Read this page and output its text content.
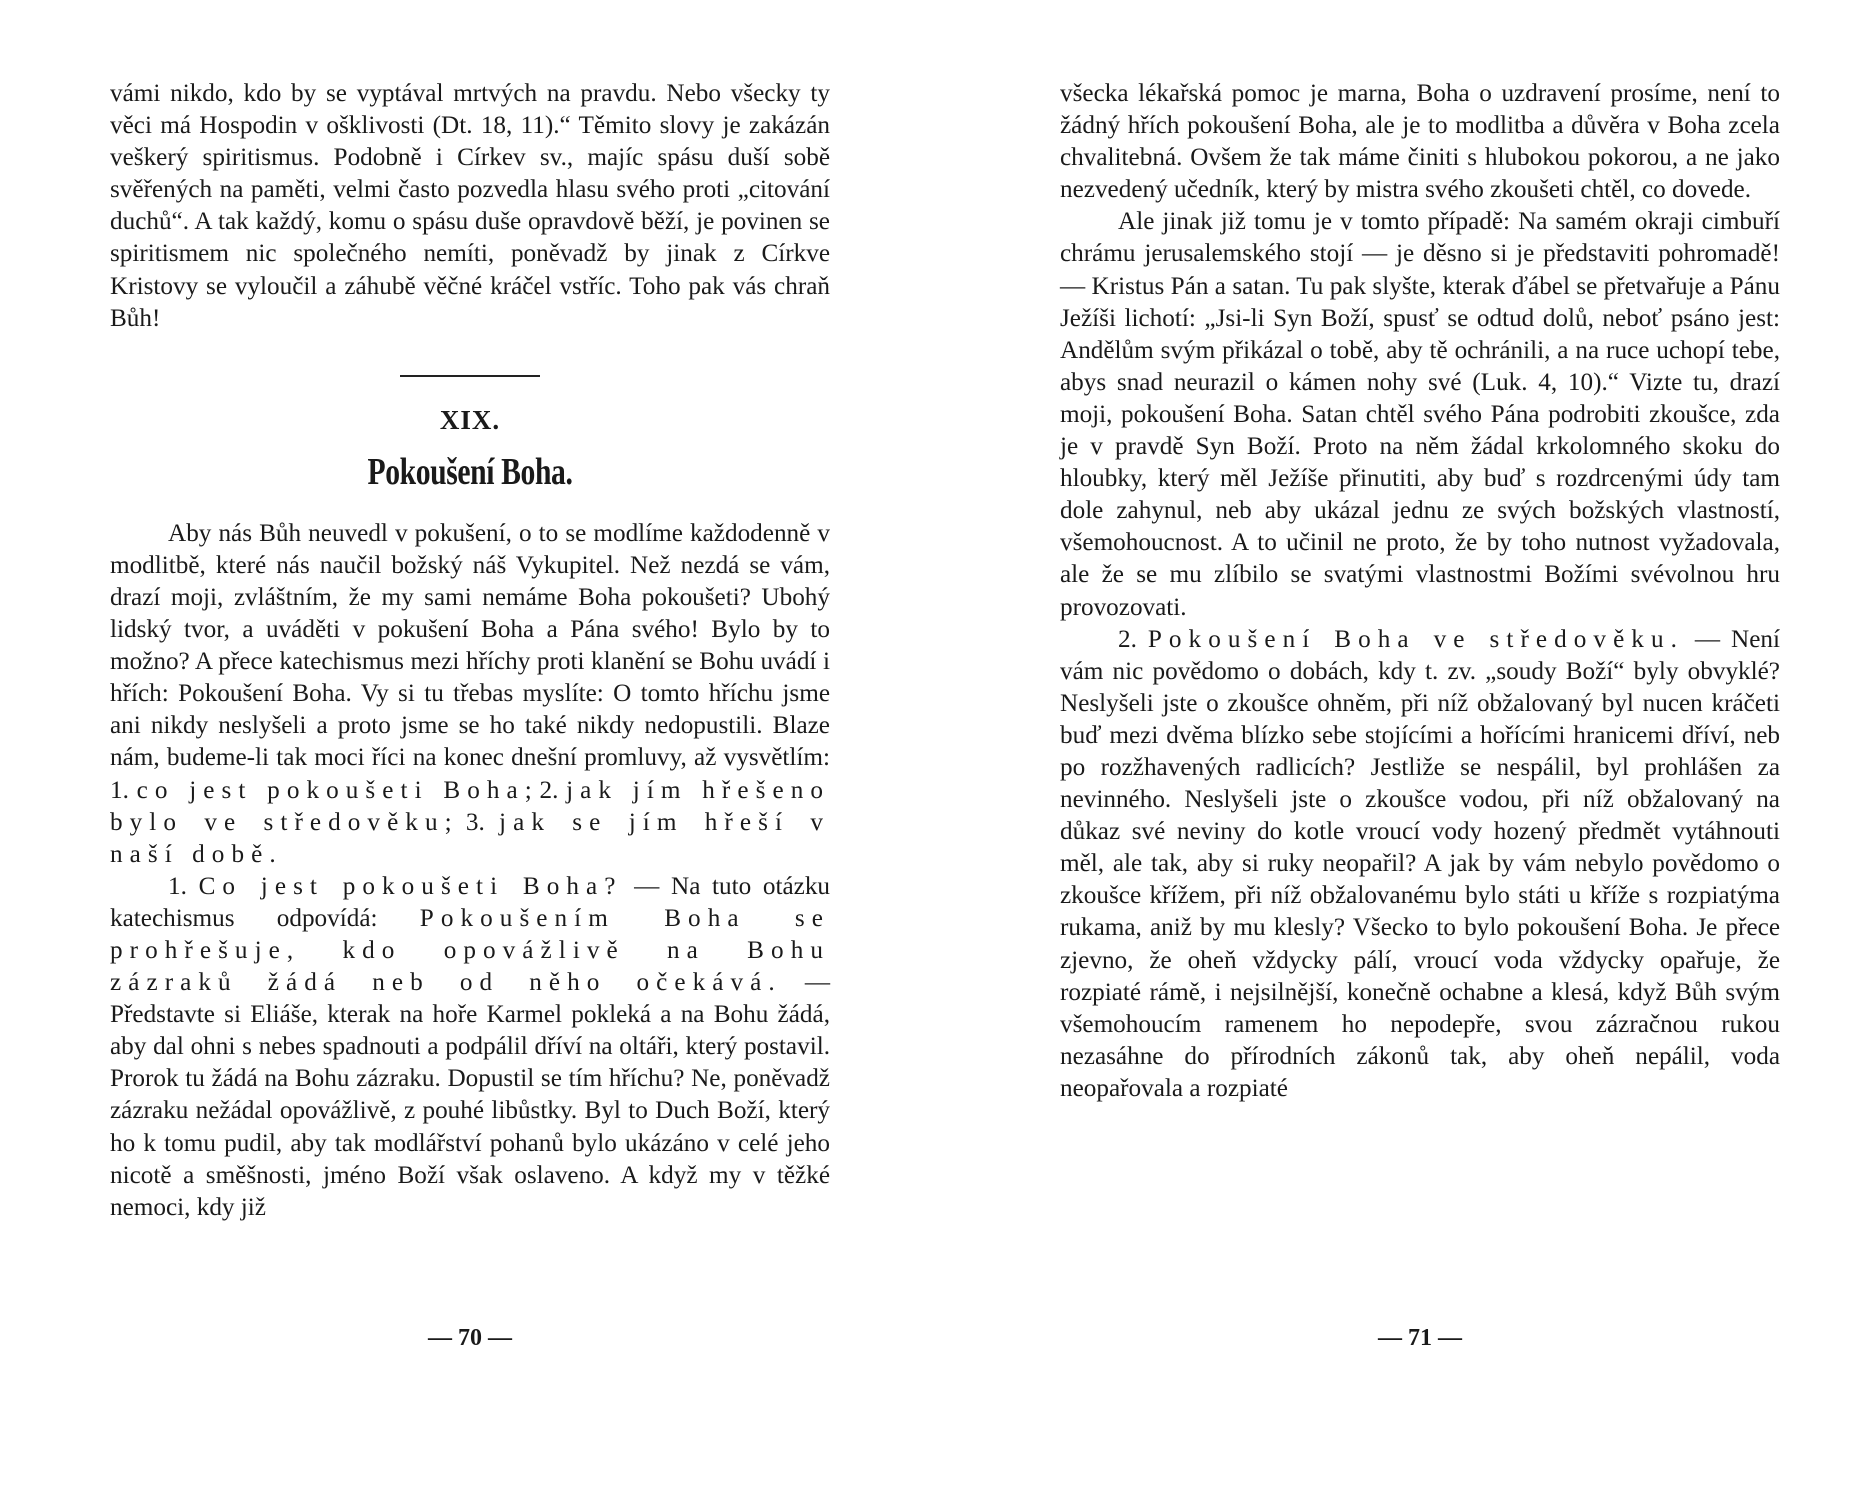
vámi nikdo, kdo by se vyptával mrtvých na pravdu. Nebo všecky ty věci má Hospodin v ošklivosti (Dt. 18, 11).“ Těmito slovy je zakázán veškerý spiritismus. Podobně i Církev sv., majíc spásu duší sobě svěřených na paměti, velmi často pozvedla hlasu svého proti „citování duchů“. A tak každý, komu o spásu duše opravdově běží, je povinen se spiritismem nic společného nemíti, poněvadž by jinak z Církve Kristovy se vyloučil a záhubě věčné kráčel vstříc. Toho pak vás chraň Bůh!

XIX.
Pokoušení Boha.

Aby nás Bůh neuvedl v pokušení, o to se modlíme každodenně v modlitbě, které nás naučil božský náš Vykupitel. Než nezdá se vám, drazí moji, zvláštním, že my sami nemáme Boha pokoušeti? Ubohý lidský tvor, a uváděti v pokušení Boha a Pána svého! Bylo by to možno? A přece katechismus mezi hříchy proti klanění se Bohu uvádí i hřích: Pokoušení Boha. Vy si tu třebas myslíte: O tomto hříchu jsme ani nikdy neslyšeli a proto jsme se ho také nikdy nedopustili. Blaze nám, budeme-li tak moci říci na konec dnešní promluvy, až vysvětlím: 1. co jest pokoušeti Boha; 2. jak jím hřešeno bylo ve středověku; 3. jak se jím hřeší v naší době.

1. Co jest pokoušeti Boha? — Na tuto otázku katechismus odpovídá: Pokoušením Boha se prohřešuje, kdo opovážlivě na Bohu zázraků žádá neb od něho očekává. — Představte si Eliáše, kterak na hoře Karmel pokleká a na Bohu žádá, aby dal ohni s nebes spadnouti a podpálil dříví na oltáři, který postavil. Prorok tu žádá na Bohu zázraku. Dopustil se tím hříchu? Ne, poněvadž zázraku nežádal opovážlivě, z pouhé libůstky. Byl to Duch Boží, který ho k tomu pudil, aby tak modlářství pohanů bylo ukázáno v celé jeho nicotě a směšnosti, jméno Boží však oslaveno. A když my v těžké nemoci, kdy již

všecka lékařská pomoc je marna, Boha o uzdravení prosíme, není to žádný hřích pokoušení Boha, ale je to modlitba a důvěra v Boha zcela chvalitebná. Ovšem že tak máme činiti s hlubokou pokorou, a ne jako nezvedený učedník, který by mistra svého zkoušeti chtěl, co dovede.

Ale jinak již tomu je v tomto případě: Na samém okraji cimbuří chrámu jerusalemského stojí — je děsno si je představiti pohromadě! — Kristus Pán a satan. Tu pak slyšte, kterak ďábel se přetvařuje a Pánu Ježíši lichotí: „Jsi-li Syn Boží, spusť se odtud dolů, neboť psáno jest: Andělům svým přikázal o tobě, aby tě ochránili, a na ruce uchopí tebe, abys snad neurazil o kámen nohy své (Luk. 4, 10).“ Vizte tu, drazí moji, pokoušení Boha. Satan chtěl svého Pána podrobiti zkoušce, zda je v pravdě Syn Boží. Proto na něm žádal krkolomného skoku do hloubky, který měl Ježíše přinutiti, aby buď s rozdrcenými údy tam dole zahynul, neb aby ukázal jednu ze svých božských vlastností, všemohoucnost. A to učinil ne proto, že by toho nutnost vyžadovala, ale že se mu zlíbilo se svatými vlastnostmi Božími svévolnou hru provozovati.

2. Pokoušení Boha ve středověku. — Není vám nic povědomo o dobách, kdy t. zv. „soudy Boží“ byly obvyklé? Neslyšeli jste o zkoušce ohněm, při níž obžalovaný byl nucen kráčeti buď mezi dvěma blízko sebe stojícími a hořícími hranicemi dříví, neb po rozžhavených radlicích? Jestliže se nespálil, byl prohlášen za nevinného. Neslyšeli jste o zkoušce vodou, při níž obžalovaný na důkaz své neviny do kotle vroucí vody hozený předmět vytáhnouti měl, ale tak, aby si ruky neopařil? A jak by vám nebylo povědomo o zkoušce křížem, při níž obžalovanému bylo státi u kříže s rozpiatýma rukama, aniž by mu klesly? Všecko to bylo pokoušení Boha. Je přece zjevno, že oheň vždycky pálí, vroucí voda vždycky opařuje, že rozpiaté rámě, i nejsilnější, konečně ochabne a klesá, když Bůh svým všemohoucím ramenem ho nepodepře, svou zázračnou rukou nezasáhne do přírodních zákonů tak, aby oheň nepálil, voda neopařovala a rozpiaté

— 70 —	— 71 —
